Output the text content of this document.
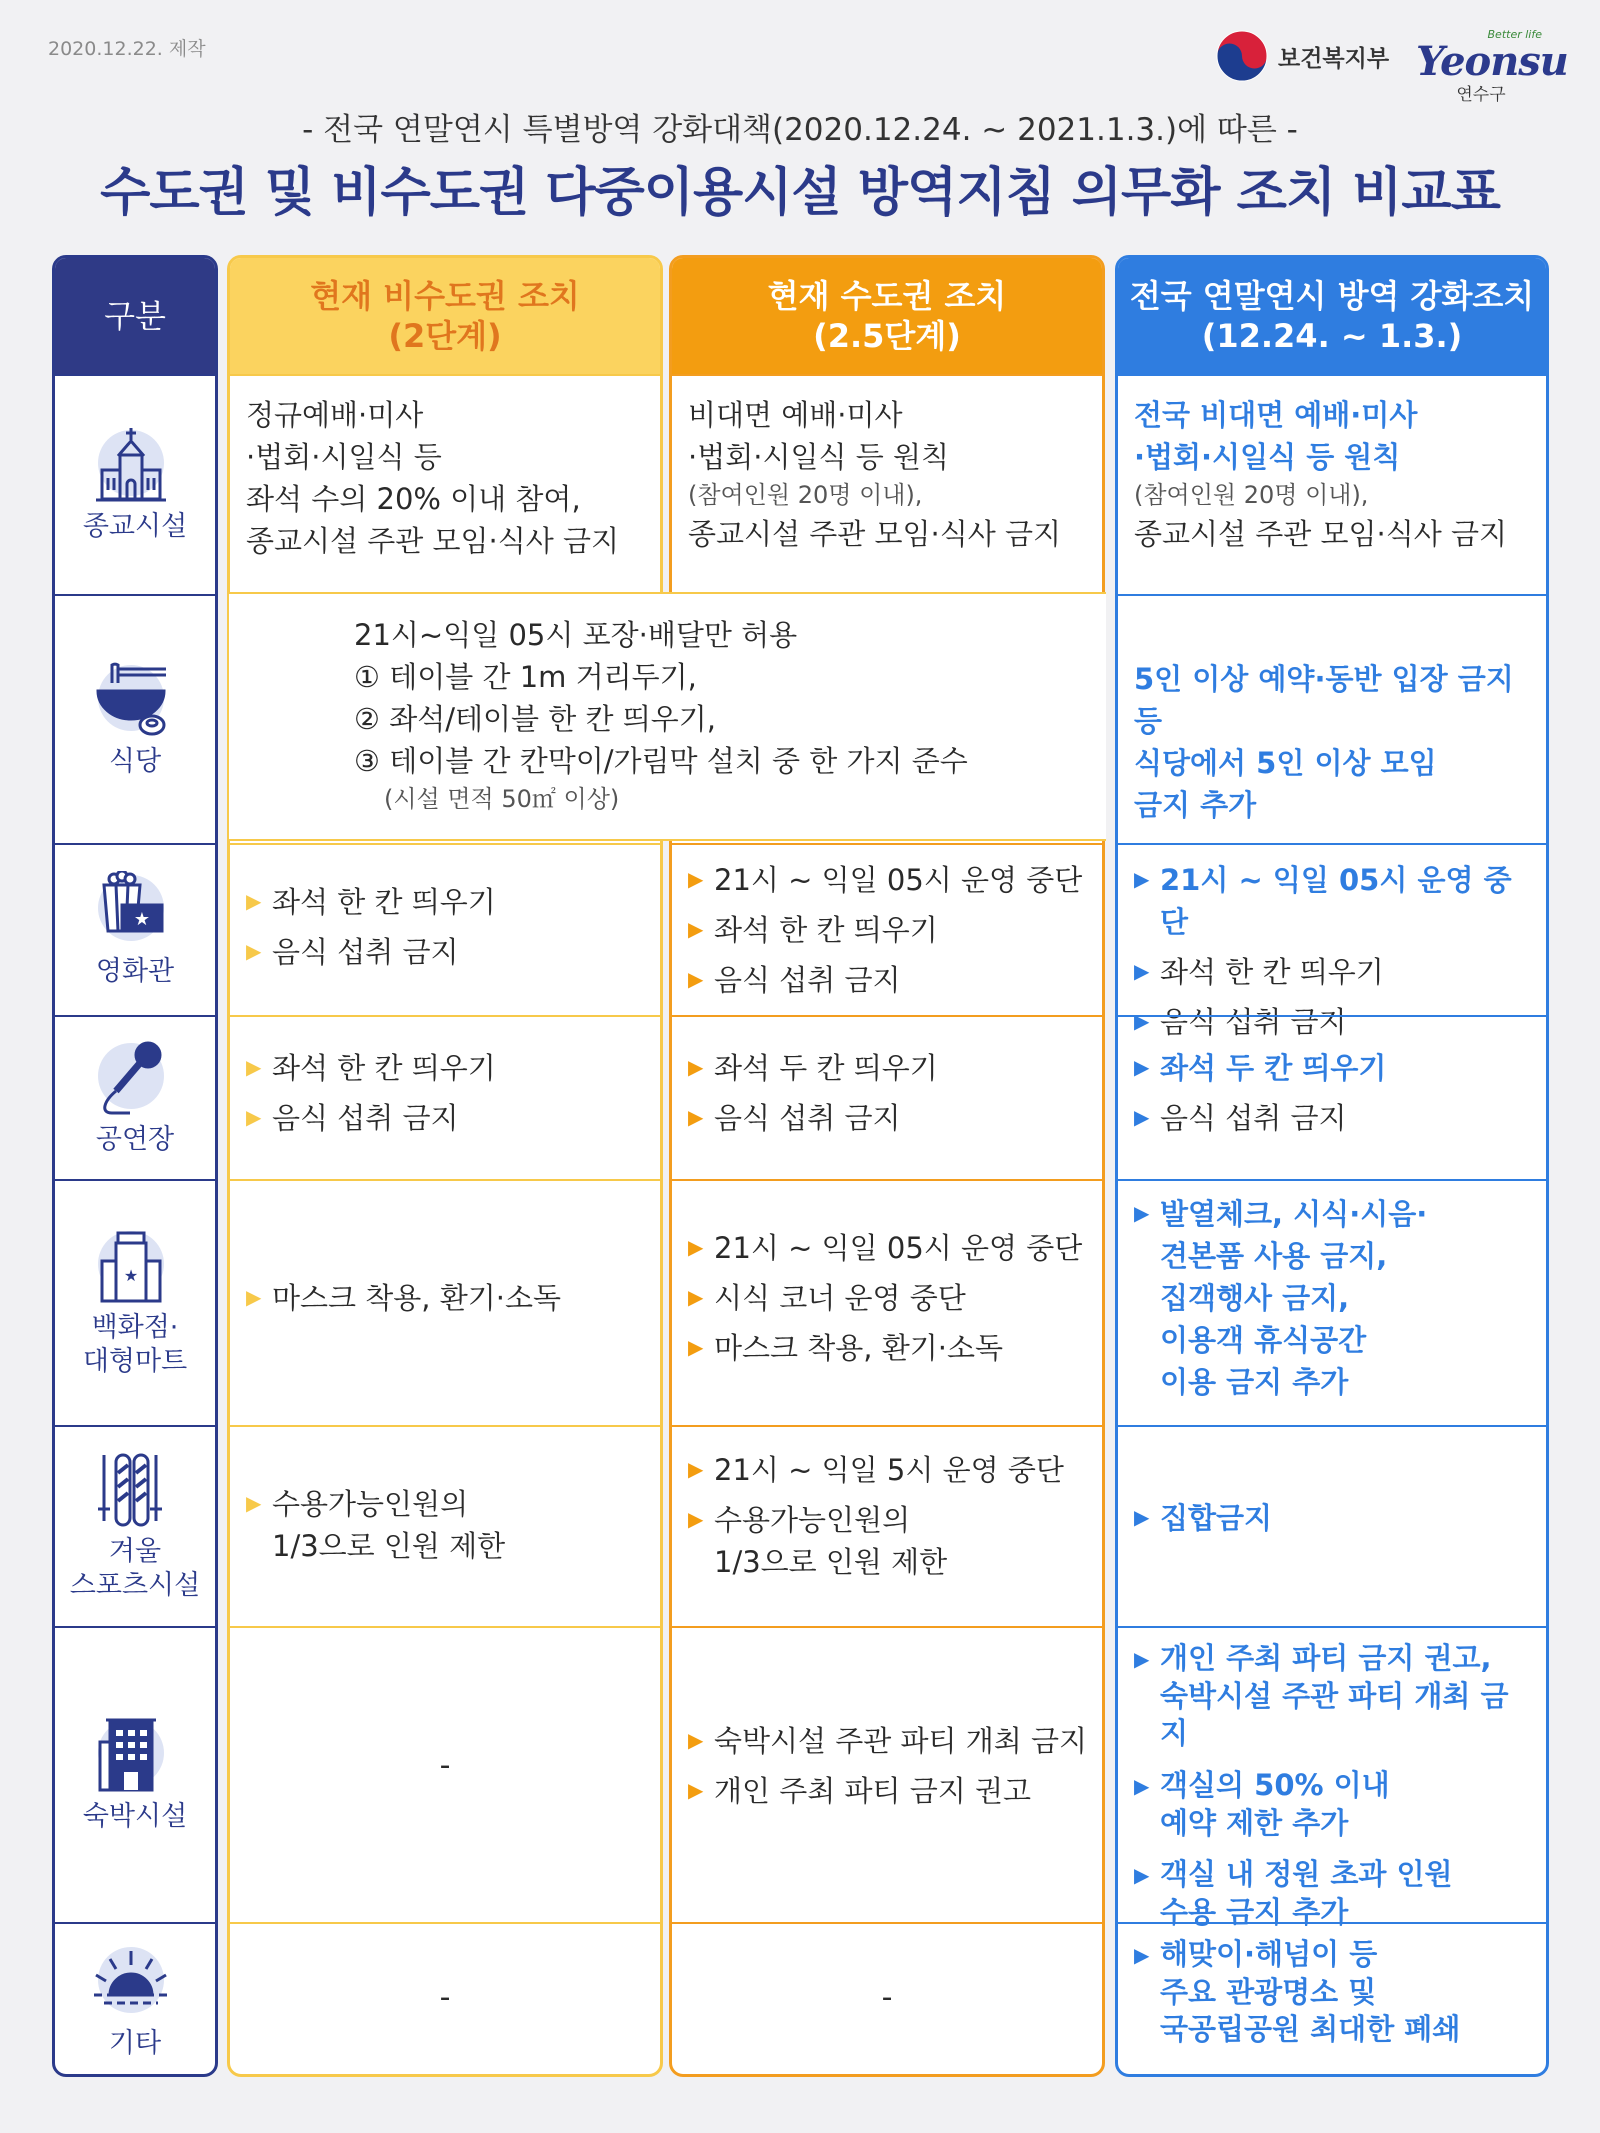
2020.12.22. 제작	보건복지부
Better life
Yeonsu
연수구
- 전국 연말연시 특별방역 강화대책(2020.12.24. ~ 2021.1.3.)에 따른 -
수도권 및 비수도권 다중이용시설 방역지침 의무화 조치 비교표
구분
종교시설
식당
★
영화관
공연장
★
백화점·
대형마트
겨울
스포츠시설
숙박시설
기타
현재 비수도권 조치
(2단계)
정규예배·미사
·법회·시일식 등
좌석 수의 20% 이내 참여,
종교시설 주관 모임·식사 금지
▶ 좌석 한 칸 띄우기
▶ 음식 섭취 금지
▶ 좌석 한 칸 띄우기
▶ 음식 섭취 금지
▶ 마스크 착용, 환기·소독
▶ 수용가능인원의
1/3으로 인원 제한
-
-
현재 수도권 조치
(2.5단계)
비대면 예배·미사
·법회·시일식 등 원칙
(참여인원 20명 이내),
종교시설 주관 모임·식사 금지
▶ 21시 ~ 익일 05시 운영 중단
▶ 좌석 한 칸 띄우기
▶ 음식 섭취 금지
▶ 좌석 두 칸 띄우기
▶ 음식 섭취 금지
▶ 21시 ~ 익일 05시 운영 중단
▶ 시식 코너 운영 중단
▶ 마스크 착용, 환기·소독
▶ 21시 ~ 익일 5시 운영 중단
▶ 수용가능인원의
1/3으로 인원 제한
▶ 숙박시설 주관 파티 개최 금지
▶ 개인 주최 파티 금지 권고
-
21시~익일 05시 포장·배달만 허용
① 테이블 간 1m 거리두기,
② 좌석/테이블 한 칸 띄우기,
③ 테이블 간 칸막이/가림막 설치 중 한 가지 준수
(시설 면적 50㎡ 이상)
전국 연말연시 방역 강화조치
(12.24. ~ 1.3.)
전국 비대면 예배·미사
·법회·시일식 등 원칙
(참여인원 20명 이내),
종교시설 주관 모임·식사 금지
5인 이상 예약·동반 입장 금지 등
식당에서 5인 이상 모임
금지 추가
▶ 21시 ~ 익일 05시 운영 중단
▶ 좌석 한 칸 띄우기
▶ 음식 섭취 금지
▶ 좌석 두 칸 띄우기
▶ 음식 섭취 금지
▶ 발열체크, 시식·시음·
견본품 사용 금지,
집객행사 금지,
이용객 휴식공간
이용 금지 추가
▶ 집합금지
▶ 개인 주최 파티 금지 권고,
숙박시설 주관 파티 개최 금지
▶ 객실의 50% 이내
예약 제한 추가
▶ 객실 내 정원 초과 인원
수용 금지 추가
▶ 해맞이·해넘이 등
주요 관광명소 및
국공립공원 최대한 폐쇄
